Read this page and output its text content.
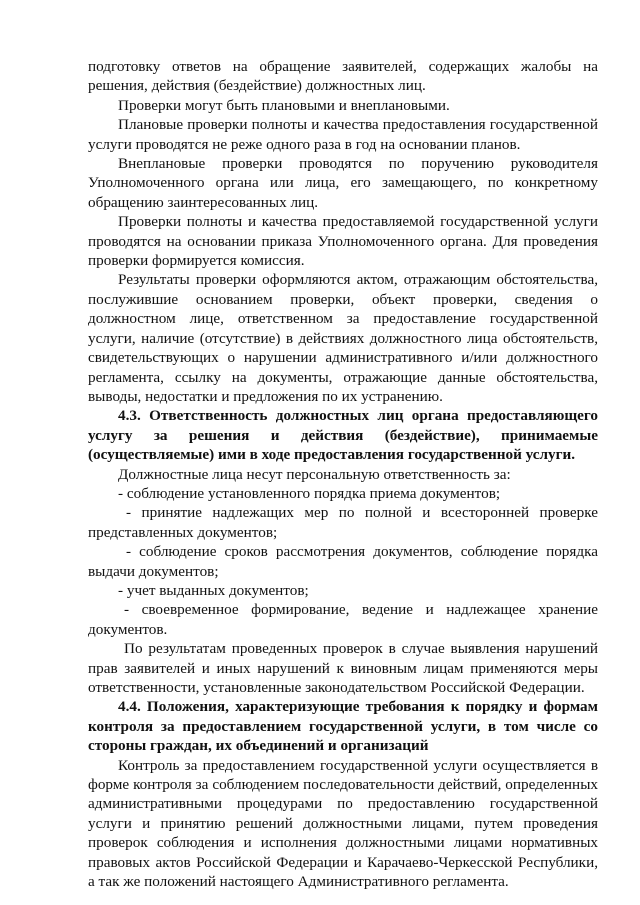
подготовку ответов на обращение заявителей, содержащих жалобы на решения, действия (бездействие) должностных лиц.

Проверки могут быть плановыми и внеплановыми.

Плановые проверки полноты и качества предоставления государственной услуги проводятся не реже одного раза в год на основании планов.

Внеплановые проверки проводятся по поручению руководителя Уполномоченного органа или лица, его замещающего, по конкретному обращению заинтересованных лиц.

Проверки полноты и качества предоставляемой государственной услуги проводятся на основании приказа Уполномоченного органа. Для проведения проверки формируется комиссия.

Результаты проверки оформляются актом, отражающим обстоятельства, послужившие основанием проверки, объект проверки, сведения о должностном лице, ответственном за предоставление государственной услуги, наличие (отсутствие) в действиях должностного лица обстоятельств, свидетельствующих о нарушении административного и/или должностного регламента, ссылку на документы, отражающие данные обстоятельства, выводы, недостатки и предложения по их устранению.

4.3. Ответственность должностных лиц органа предоставляющего услугу за решения и действия (бездействие), принимаемые (осуществляемые) ими в ходе предоставления государственной услуги.

Должностные лица несут персональную ответственность за:

- соблюдение установленного порядка приема документов;

- принятие надлежащих мер по полной и всесторонней проверке представленных документов;

- соблюдение сроков рассмотрения документов, соблюдение порядка выдачи документов;

- учет выданных документов;

- своевременное формирование, ведение и надлежащее хранение документов.

По результатам проведенных проверок в случае выявления нарушений прав заявителей и иных нарушений к виновным лицам применяются меры ответственности, установленные законодательством Российской Федерации.

4.4. Положения, характеризующие требования к порядку и формам контроля за предоставлением государственной услуги, в том числе со стороны граждан, их объединений и организаций

Контроль за предоставлением государственной услуги осуществляется в форме контроля за соблюдением последовательности действий, определенных административными процедурами по предоставлению государственной услуги и принятию решений должностными лицами, путем проведения проверок соблюдения и исполнения должностными лицами нормативных правовых актов Российской Федерации и Карачаево-Черкесской Республики, а так же положений настоящего Административного регламента.
